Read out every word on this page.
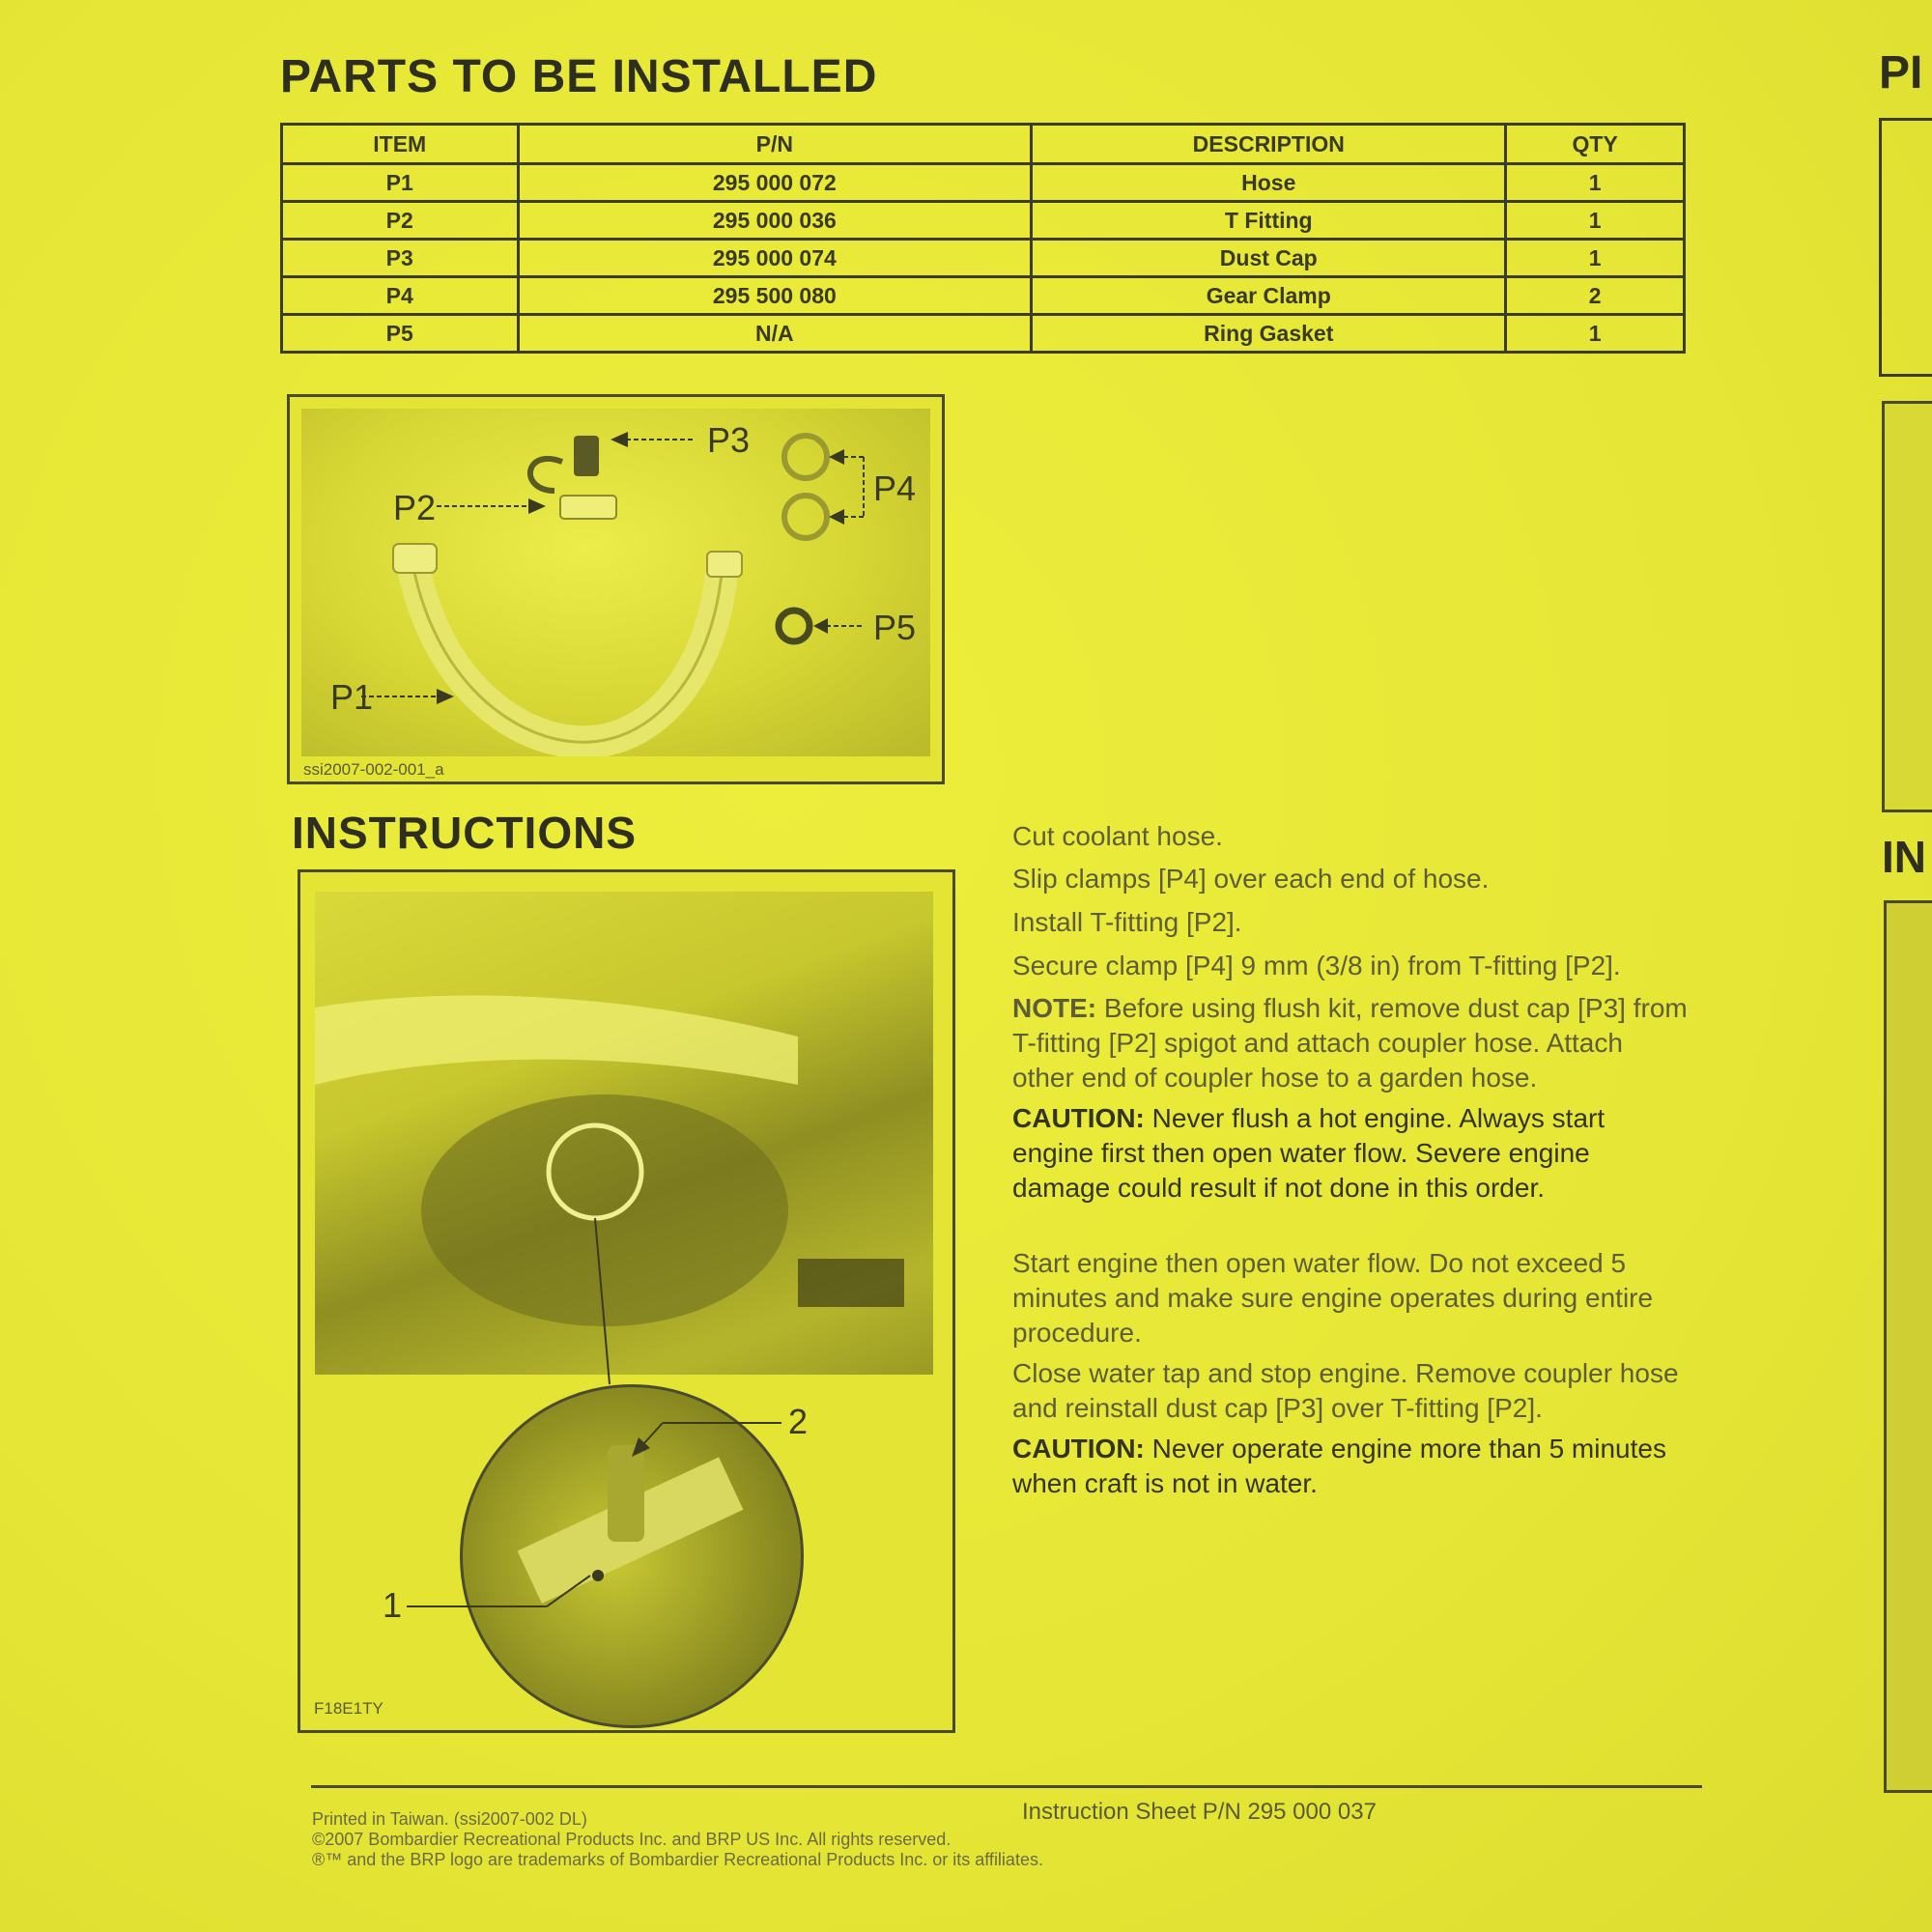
PARTS TO BE INSTALLED
ITEM	P/N	DESCRIPTION	QTY
P1	295 000 072	Hose	1
P2	295 000 036	T Fitting	1
P3	295 000 074	Dust Cap	1
P4	295 500 080	Gear Clamp	2
P5	N/A	Ring Gasket	1
P1
P2
P3
P4
P5
ssi2007-002-001_a
INSTRUCTIONS
1
2
F18E1TY
Cut coolant hose.
Slip clamps [P4] over each end of hose.
Install T-fitting [P2].
Secure clamp [P4] 9 mm (3/8 in) from T-fitting [P2].
NOTE: Before using flush kit, remove dust cap [P3] from T-fitting [P2] spigot and attach coupler hose. Attach other end of coupler hose to a garden hose.
CAUTION: Never flush a hot engine. Always start engine first then open water flow. Severe engine damage could result if not done in this order.
Start engine then open water flow. Do not exceed 5 minutes and make sure engine operates during entire procedure.
Close water tap and stop engine. Remove coupler hose and reinstall dust cap [P3] over T-fitting [P2].
CAUTION: Never operate engine more than 5 minutes when craft is not in water.
Printed in Taiwan. (ssi2007-002 DL)
©2007 Bombardier Recreational Products Inc. and BRP US Inc. All rights reserved.
®™ and the BRP logo are trademarks of Bombardier Recreational Products Inc. or its affiliates.
Instruction Sheet P/N 295 000 037
PI
IN
